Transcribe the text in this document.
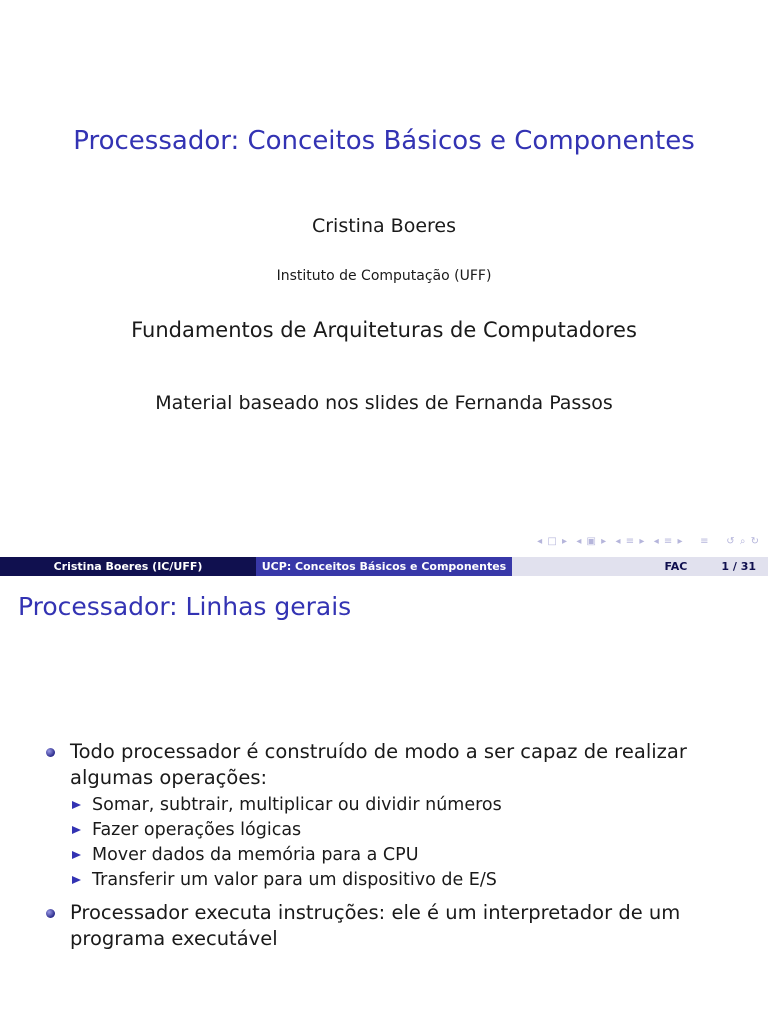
Processador: Conceitos Básicos e Componentes
Cristina Boeres
Instituto de Computação (UFF)
Fundamentos de Arquiteturas de Computadores
Material baseado nos slides de Fernanda Passos
◂ □ ▸  ◂ ▣ ▸  ◂ ≡ ▸  ◂ ≡ ▸    ≡    ↺ ⌕ ↻
Cristina Boeres (IC/UFF)	UCP: Conceitos Básicos e Componentes	FAC	1 / 31
Processador: Linhas gerais
Todo processador é construído de modo a ser capaz de realizar algumas operações:
Somar, subtrair, multiplicar ou dividir números
Fazer operações lógicas
Mover dados da memória para a CPU
Transferir um valor para um dispositivo de E/S
Processador executa instruções: ele é um interpretador de um programa executável
